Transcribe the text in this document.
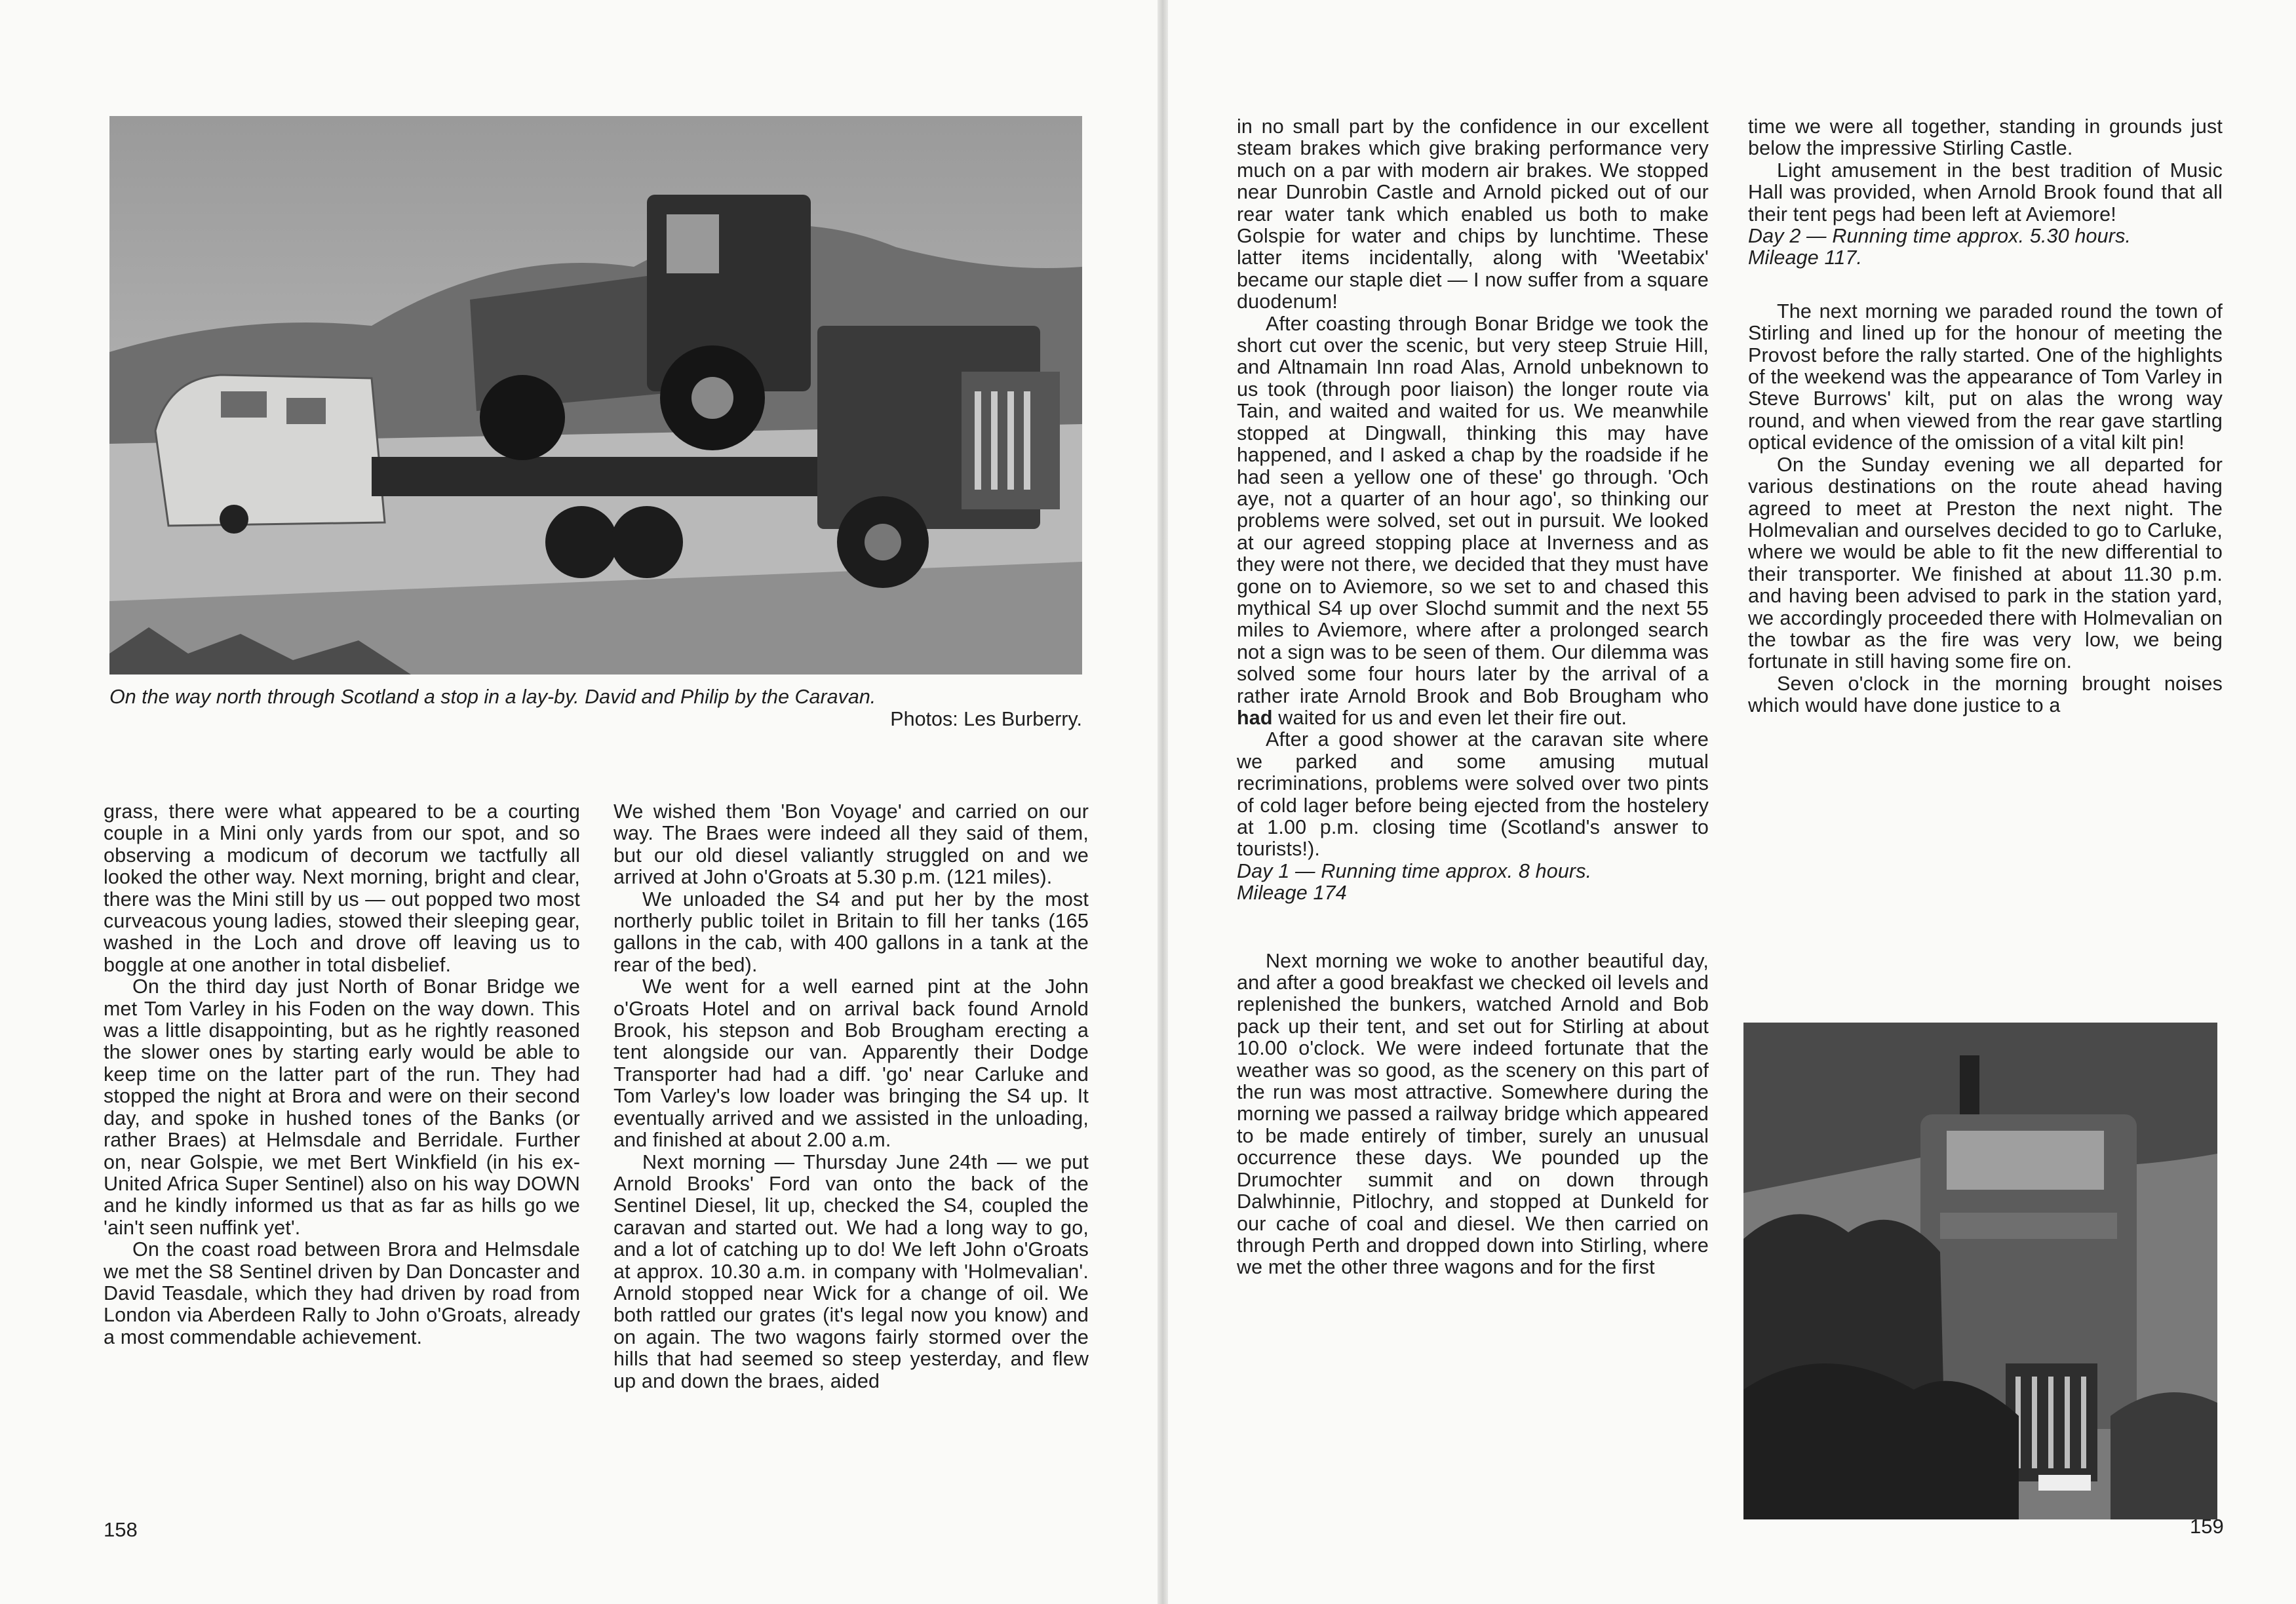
On the way north through Scotland a stop in a lay-by. David and Philip by the Caravan.
Photos: Les Burberry.

grass, there were what appeared to be a courting couple in a Mini only yards from our spot, and so observing a modicum of decorum we tactfully all looked the other way. Next morning, bright and clear, there was the Mini still by us — out popped two most curveacous young ladies, stowed their sleeping gear, washed in the Loch and drove off leaving us to boggle at one another in total disbelief.

On the third day just North of Bonar Bridge we met Tom Varley in his Foden on the way down. This was a little disappointing, but as he rightly reasoned the slower ones by starting early would be able to keep time on the latter part of the run. They had stopped the night at Brora and were on their second day, and spoke in hushed tones of the Banks (or rather Braes) at Helmsdale and Berridale. Further on, near Golspie, we met Bert Winkfield (in his ex-United Africa Super Sentinel) also on his way DOWN and he kindly informed us that as far as hills go we 'ain't seen nuffink yet'.

On the coast road between Brora and Helmsdale we met the S8 Sentinel driven by Dan Doncaster and David Teasdale, which they had driven by road from London via Aberdeen Rally to John o'Groats, already a most commendable achievement.

We wished them 'Bon Voyage' and carried on our way. The Braes were indeed all they said of them, but our old diesel valiantly struggled on and we arrived at John o'Groats at 5.30 p.m. (121 miles).

We unloaded the S4 and put her by the most northerly public toilet in Britain to fill her tanks (165 gallons in the cab, with 400 gallons in a tank at the rear of the bed).

We went for a well earned pint at the John o'Groats Hotel and on arrival back found Arnold Brook, his stepson and Bob Brougham erecting a tent alongside our van. Apparently their Dodge Transporter had had a diff. 'go' near Carluke and Tom Varley's low loader was bringing the S4 up. It eventually arrived and we assisted in the unloading, and finished at about 2.00 a.m.

Next morning — Thursday June 24th — we put Arnold Brooks' Ford van onto the back of the Sentinel Diesel, lit up, checked the S4, coupled the caravan and started out. We had a long way to go, and a lot of catching up to do! We left John o'Groats at approx. 10.30 a.m. in company with 'Holmevalian'. Arnold stopped near Wick for a change of oil. We both rattled our grates (it's legal now you know) and on again. The two wagons fairly stormed over the hills that had seemed so steep yesterday, and flew up and down the braes, aided

158

in no small part by the confidence in our excellent steam brakes which give braking performance very much on a par with modern air brakes. We stopped near Dunrobin Castle and Arnold picked out of our rear water tank which enabled us both to make Golspie for water and chips by lunchtime. These latter items incidentally, along with 'Weetabix' became our staple diet — I now suffer from a square duodenum!

After coasting through Bonar Bridge we took the short cut over the scenic, but very steep Struie Hill, and Altnamain Inn road Alas, Arnold unbeknown to us took (through poor liaison) the longer route via Tain, and waited and waited for us. We meanwhile stopped at Dingwall, thinking this may have happened, and I asked a chap by the roadside if he had seen a yellow one of these' go through. 'Och aye, not a quarter of an hour ago', so thinking our problems were solved, set out in pursuit. We looked at our agreed stopping place at Inverness and as they were not there, we decided that they must have gone on to Aviemore, so we set to and chased this mythical S4 up over Slochd summit and the next 55 miles to Aviemore, where after a prolonged search not a sign was to be seen of them. Our dilemma was solved some four hours later by the arrival of a rather irate Arnold Brook and Bob Brougham who had waited for us and even let their fire out.

After a good shower at the caravan site where we parked and some amusing mutual recriminations, problems were solved over two pints of cold lager before being ejected from the hostelery at 1.00 p.m. closing time (Scotland's answer to tourists!).

Day 1 — Running time approx. 8 hours.
Mileage 174

Next morning we woke to another beautiful day, and after a good breakfast we checked oil levels and replenished the bunkers, watched Arnold and Bob pack up their tent, and set out for Stirling at about 10.00 o'clock. We were indeed fortunate that the weather was so good, as the scenery on this part of the run was most attractive. Somewhere during the morning we passed a railway bridge which appeared to be made entirely of timber, surely an unusual occurrence these days. We pounded up the Drumochter summit and on down through Dalwhinnie, Pitlochry, and stopped at Dunkeld for our cache of coal and diesel. We then carried on through Perth and dropped down into Stirling, where we met the other three wagons and for the first

time we were all together, standing in grounds just below the impressive Stirling Castle.

Light amusement in the best tradition of Music Hall was provided, when Arnold Brook found that all their tent pegs had been left at Aviemore!

Day 2 — Running time approx. 5.30 hours.
Mileage 117.

The next morning we paraded round the town of Stirling and lined up for the honour of meeting the Provost before the rally started. One of the highlights of the weekend was the appearance of Tom Varley in Steve Burrows' kilt, put on alas the wrong way round, and when viewed from the rear gave startling optical evidence of the omission of a vital kilt pin!

On the Sunday evening we all departed for various destinations on the route ahead having agreed to meet at Preston the next night. The Holmevalian and ourselves decided to go to Carluke, where we would be able to fit the new differential to their transporter. We finished at about 11.30 p.m. and having been advised to park in the station yard, we accordingly proceeded there with Holmevalian on the towbar as the fire was very low, we being fortunate in still having some fire on.

Seven o'clock in the morning brought noises which would have done justice to a

159
